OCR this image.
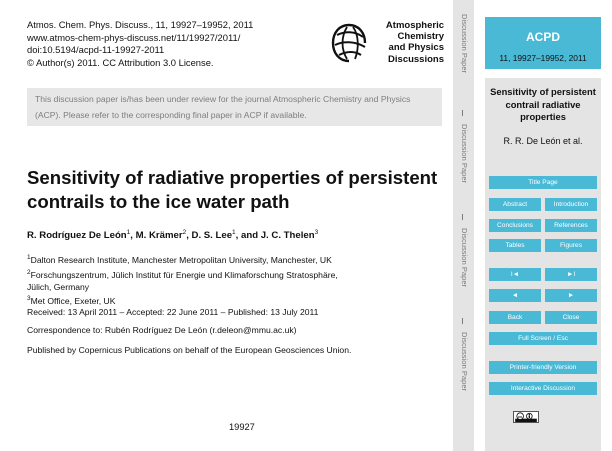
Atmos. Chem. Phys. Discuss., 11, 19927–19952, 2011
www.atmos-chem-phys-discuss.net/11/19927/2011/
doi:10.5194/acpd-11-19927-2011
© Author(s) 2011. CC Attribution 3.0 License.
Atmospheric
Chemistry
and Physics
Discussions
This discussion paper is/has been under review for the journal Atmospheric Chemistry and Physics (ACP). Please refer to the corresponding final paper in ACP if available.
Sensitivity of radiative properties of persistent contrails to the ice water path
R. Rodríguez De León$^1$, M. Krämer$^2$, D. S. Lee$^1$, and J. C. Thelen$^3$
$^1$Dalton Research Institute, Manchester Metropolitan University, Manchester, UK
$^2$Forschungszentrum, Jülich Institut für Energie und Klimaforschung Stratosphäre,
Jülich, Germany
$^3$Met Office, Exeter, UK
Received: 13 April 2011 – Accepted: 22 June 2011 – Published: 13 July 2011
Correspondence to: Rubén Rodríguez De León (r.deleon@mmu.ac.uk)
Published by Copernicus Publications on behalf of the European Geosciences Union.
19927
Discussion Paper
Discussion Paper
Discussion Paper
Discussion Paper
ACPD
11, 19927–19952, 2011
Sensitivity of persistent contrail radiative properties
R. R. De León et al.
Title Page
Abstract	Introduction
Conclusions	References
Tables	Figures
I◄	►I
◄	►
Back	Close
Full Screen / Esc
Printer-friendly Version
Interactive Discussion
cc
